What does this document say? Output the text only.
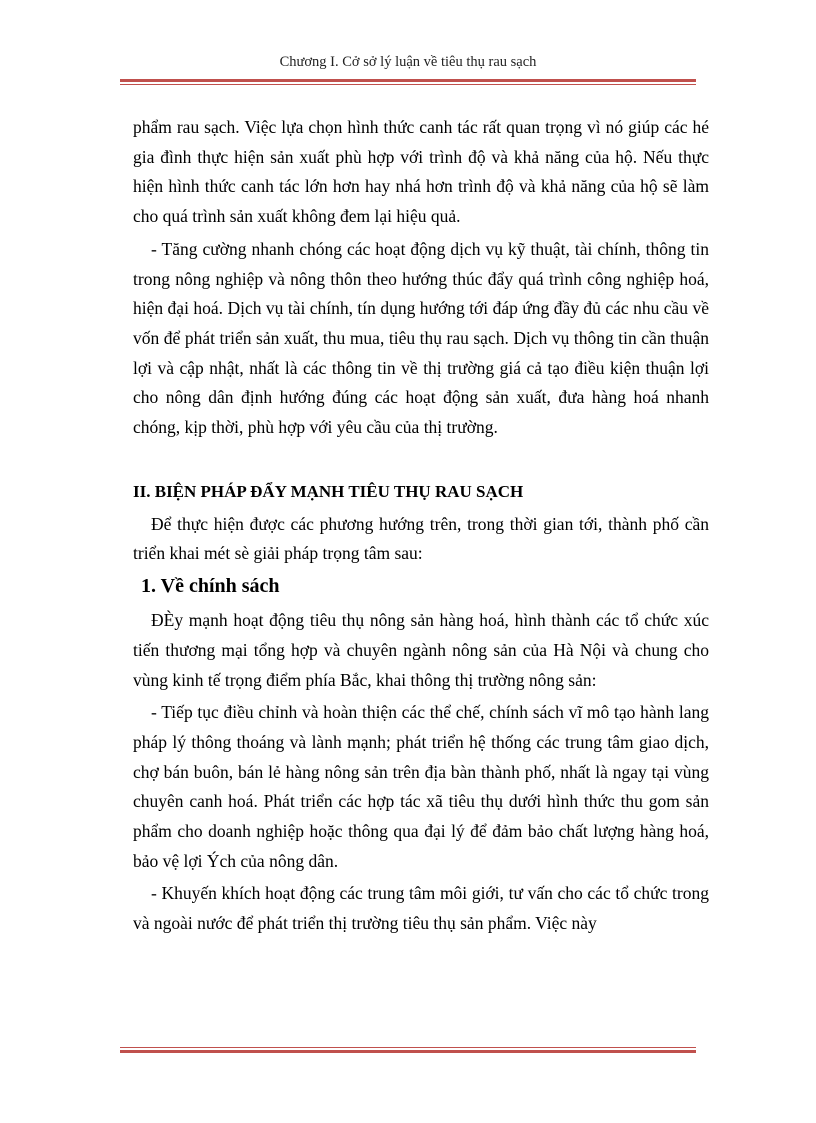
Chương I. Cở sở lý luận về tiêu thụ rau sạch

phẩm rau sạch. Việc lựa chọn hình thức canh tác rất quan trọng vì nó giúp các hé gia đình thực hiện sản xuất phù hợp với trình độ và khả năng của hộ. Nếu thực hiện hình thức canh tác lớn hơn hay nhá hơn trình độ và khả năng của hộ sẽ làm cho quá trình sản xuất không đem lại hiệu quả.

- Tăng cường nhanh chóng các hoạt động dịch vụ kỹ thuật, tài chính, thông tin trong nông nghiệp và nông thôn theo hướng thúc đẩy quá trình công nghiệp hoá, hiện đại hoá. Dịch vụ tài chính, tín dụng hướng tới đáp ứng đầy đủ các nhu cầu về vốn để phát triển sản xuất, thu mua, tiêu thụ rau sạch. Dịch vụ thông tin cần thuận lợi và cập nhật, nhất là các thông tin về thị trường giá cả tạo điều kiện thuận lợi cho nông dân định hướng đúng các hoạt động sản xuất, đưa hàng hoá nhanh chóng, kịp thời, phù hợp với yêu cầu của thị trường.

II. BIỆN PHÁP ĐẨY MẠNH TIÊU THỤ RAU SẠCH

Để thực hiện được các phương hướng trên, trong thời gian tới, thành phố cần triển khai mét sè giải pháp trọng tâm sau:

1. Về chính sách

ĐÈy mạnh hoạt động tiêu thụ nông sản hàng hoá, hình thành các tổ chức xúc tiến thương mại tổng hợp và chuyên ngành nông sản của Hà Nội và chung cho vùng kinh tế trọng điểm phía Bắc, khai thông thị trường nông sản:

- Tiếp tục điều chỉnh và hoàn thiện các thể chế, chính sách vĩ mô tạo hành lang pháp lý thông thoáng và lành mạnh; phát triển hệ thống các trung tâm giao dịch, chợ bán buôn, bán lẻ hàng nông sản trên địa bàn thành phố, nhất là ngay tại vùng chuyên canh hoá. Phát triển các hợp tác xã tiêu thụ dưới hình thức thu gom sản phẩm cho doanh nghiệp hoặc thông qua đại lý để đảm bảo chất lượng hàng hoá, bảo vệ lợi Ých của nông dân.

- Khuyến khích hoạt động các trung tâm môi giới, tư vấn cho các tổ chức trong và ngoài nước để phát triển thị trường tiêu thụ sản phẩm. Việc này
